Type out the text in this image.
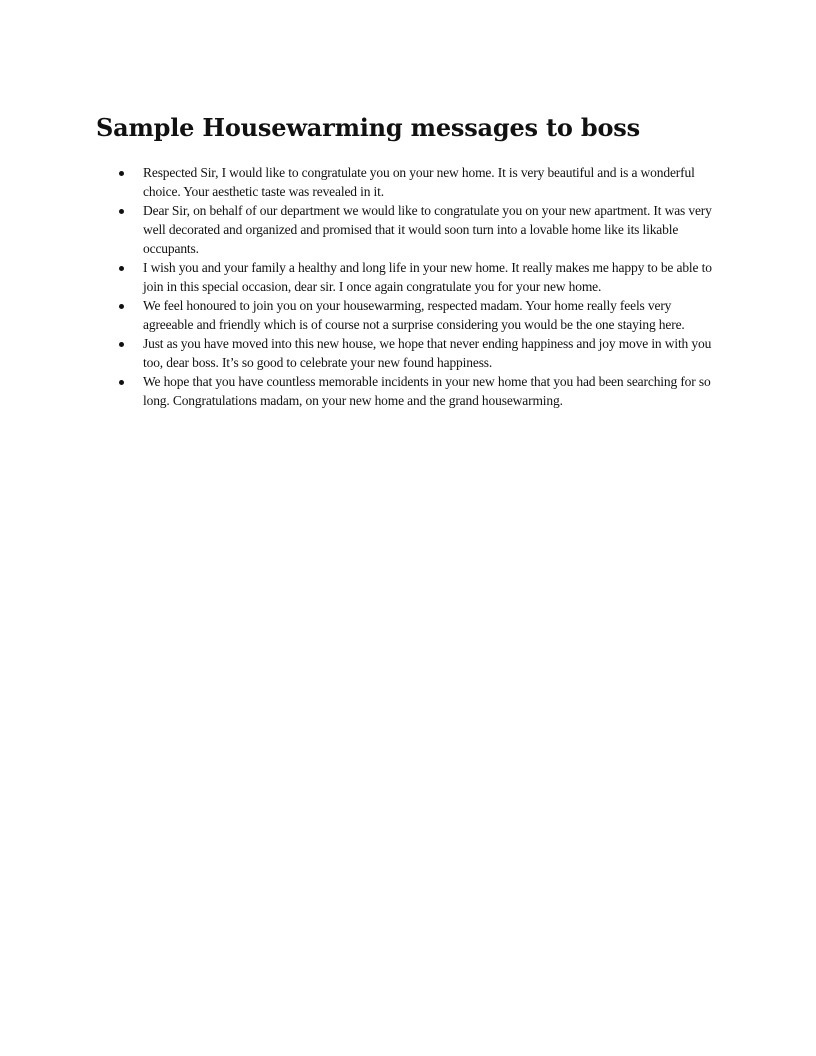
Sample Housewarming messages to boss
Respected Sir, I would like to congratulate you on your new home. It is very beautiful and is a wonderful choice. Your aesthetic taste was revealed in it.
Dear Sir, on behalf of our department we would like to congratulate you on your new apartment. It was very well decorated and organized and promised that it would soon turn into a lovable home like its likable occupants.
I wish you and your family a healthy and long life in your new home. It really makes me happy to be able to join in this special occasion, dear sir. I once again congratulate you for your new home.
We feel honoured to join you on your housewarming, respected madam. Your home really feels very agreeable and friendly which is of course not a surprise considering you would be the one staying here.
Just as you have moved into this new house, we hope that never ending happiness and joy move in with you too, dear boss. It’s so good to celebrate your new found happiness.
We hope that you have countless memorable incidents in your new home that you had been searching for so long. Congratulations madam, on your new home and the grand housewarming.
